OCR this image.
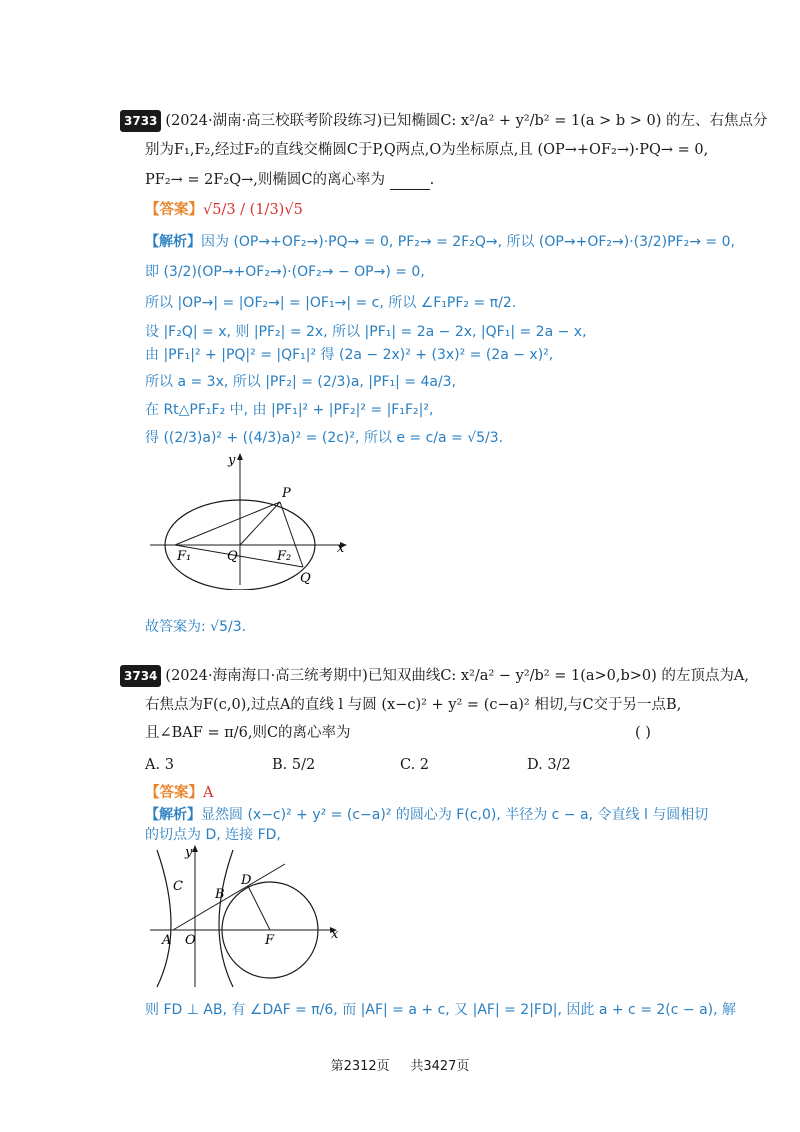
3733 (2024·湖南·高三校联考阶段练习)已知椭圆C: x²/a² + y²/b² = 1(a > b > 0) 的左、右焦点分
别为F₁,F₂,经过F₂的直线交椭圆C于P,Q两点,O为坐标原点,且 (OP→+OF₂→)·PQ→ = 0,
PF₂→ = 2F₂Q→,则椭圆C的离心率为	.
【答案】√5/3 / (1/3)√5
【解析】因为 (OP→+OF₂→)·PQ→ = 0, PF₂→ = 2F₂Q→, 所以 (OP→+OF₂→)·(3/2)PF₂→ = 0,
即 (3/2)(OP→+OF₂→)·(OF₂→ − OP→) = 0,
所以 |OP→| = |OF₂→| = |OF₁→| = c, 所以 ∠F₁PF₂ = π/2.
设 |F₂Q| = x, 则 |PF₂| = 2x, 所以 |PF₁| = 2a − 2x, |QF₁| = 2a − x,
由 |PF₁|² + |PQ|² = |QF₁|² 得 (2a − 2x)² + (3x)² = (2a − x)²,
所以 a = 3x, 所以 |PF₂| = (2/3)a, |PF₁| = 4a/3,
在 Rt△PF₁F₂ 中, 由 |PF₁|² + |PF₂|² = |F₁F₂|²,
得 ((2/3)a)² + ((4/3)a)² = (2c)², 所以 e = c/a = √5/3.
y
x
P
F₁	Q	F₂
Q
故答案为: √5/3.
3734 (2024·海南海口·高三统考期中)已知双曲线C: x²/a² − y²/b² = 1(a>0,b>0) 的左顶点为A,
右焦点为F(c,0),过点A的直线 l 与圆 (x−c)² + y² = (c−a)² 相切,与C交于另一点B,
且∠BAF = π/6,则C的离心率为	( )
A. 3	B. 5/2	C. 2	D. 3/2
【答案】A
【解析】显然圆 (x−c)² + y² = (c−a)² 的圆心为 F(c,0), 半径为 c − a, 令直线 l 与圆相切
的切点为 D, 连接 FD,
y
C	D
B
A O	F	x
则 FD ⊥ AB, 有 ∠DAF = π/6, 而 |AF| = a + c, 又 |AF| = 2|FD|, 因此 a + c = 2(c − a), 解
第2312页 共3427页
